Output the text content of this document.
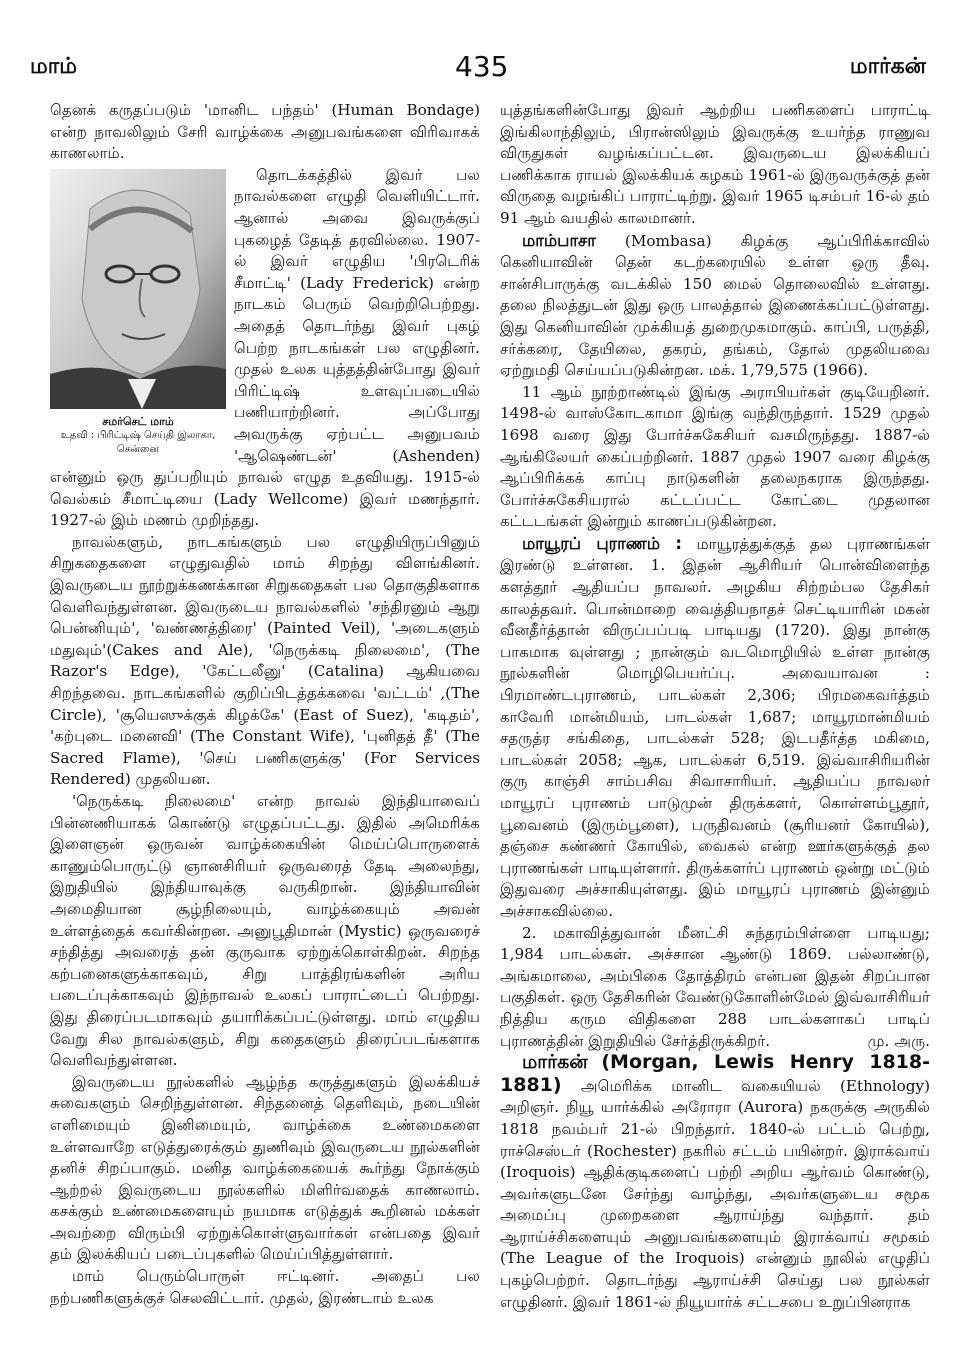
மாம்	435	மார்கன்

தெனக் கருதப்படும் 'மானிட பந்தம்' (Human Bondage) என்ற நாவலிலும் சேரி வாழ்க்கை அனுபவங்களை விரிவாகக் காணலாம்.

சமர்செட் மாம்
உதவி : பிரிட்டிஷ் செய்தி இலாகா, சென்னை

தொடக்கத்தில் இவர் பல நாவல்களை எழுதி வெளியிட்டார். ஆனால் அவை இவருக்குப் புகழைத் தேடித் தரவில்லை. 1907-ல் இவர் எழுதிய 'பிரடெரிக் சீமாட்டி' (Lady Frederick) என்ற நாடகம் பெரும் வெற்றிபெற்றது. அதைத் தொடர்ந்து இவர் புகழ் பெற்ற நாடகங்கள் பல எழுதினர். முதல் உலக யுத்தத்தின்போது இவர் பிரிட்டிஷ் உளவுப்படையில் பணியாற்றினர். அப்போது அவருக்கு ஏற்பட்ட அனுபவம் 'ஆஷெண்டன்' (Ashenden) என்னும் ஒரு துப்பறியும் நாவல் எழுத உதவியது. 1915-ல் வெல்கம் சீமாட்டியை (Lady Wellcome) இவர் மணந்தார். 1927-ல் இம் மணம் முறிந்தது.

நாவல்களும், நாடகங்களும் பல எழுதியிருப்பினும் சிறுகதைகளை எழுதுவதில் மாம் சிறந்து விளங்கினர். இவருடைய நூற்றுக்கணக்கான சிறுகதைகள் பல தொகுதிகளாக வெளிவந்துள்ளன. இவருடைய நாவல்களில் 'சந்திரனும் ஆறு பென்னியும்', 'வண்ணத்திரை' (Painted Veil), 'அடைகளும் மதுவும்'(Cakes and Ale), 'நெருக்கடி நிலைமை', (The Razor's Edge), 'கேட்டலீனு' (Catalina) ஆகியவை சிறந்தவை. நாடகங்களில் குறிப்பிடத்தக்கவை 'வட்டம்' ,(The Circle), 'சூயெஸுக்குக் கிழக்கே' (East of Suez), 'கடிதம்', 'கற்புடை மனைவி' (The Constant Wife), 'புனிதத் தீ' (The Sacred Flame), 'செய் பணிகளுக்கு' (For Services Rendered) முதலியன.

'நெருக்கடி நிலைமை' என்ற நாவல் இந்தியாவைப் பின்னணியாகக் கொண்டு எழுதப்பட்டது. இதில் அமெரிக்க இளைஞன் ஒருவன் வாழ்க்கையின் மெய்ப்பொருளைக் காணும்பொருட்டு ஞானசிரியர் ஒருவரைத் தேடி அலைந்து, இறுதியில் இந்தியாவுக்கு வருகிறான். இந்தியாவின் அமைதியான சூழ்நிலையும், வாழ்க்கையும் அவன் உள்ளத்தைக் கவர்கின்றன. அனுபூதிமான் (Mystic) ஒருவரைச் சந்தித்து அவரைத் தன் குருவாக ஏற்றுக்கொள்கிறன். சிறந்த கற்பனைகளுக்காகவும், சிறு பாத்திரங்களின் அரிய படைப்புக்காகவும் இந்நாவல் உலகப் பாராட்டைப் பெற்றது. இது திரைப்படமாகவும் தயாரிக்கப்பட்டுள்ளது. மாம் எழுதிய வேறு சில நாவல்களும், சிறு கதைகளும் திரைப்படங்களாக வெளிவந்துள்ளன.

இவருடைய நூல்களில் ஆழ்ந்த கருத்துகளும் இலக்கியச் சுவைகளும் செறிந்துள்ளன. சிந்தனைத் தெளிவும், நடையின் எளிமையும் இனிமையும், வாழ்க்கை உண்மைகளை உள்ளவாறே எடுத்துரைக்கும் துணிவும் இவருடைய நூல்களின் தனிச் சிறப்பாகும். மனித வாழ்க்கையைக் கூர்ந்து நோக்கும் ஆற்றல் இவருடைய நூல்களில் மிளிர்வதைக் காணலாம். கசக்கும் உண்மைகளையும் நயமாக எடுத்துக் கூறினல் மக்கள் அவற்றை விரும்பி ஏற்றுக்கொள்ளுவார்கள் என்பதை இவர் தம் இலக்கியப் படைப்புகளில் மெய்ப்பித்துள்ளார்.

மாம் பெரும்பொருள் ஈட்டினர். அதைப் பல நற்பணிகளுக்குச் செலவிட்டார். முதல், இரண்டாம் உலக

யுத்தங்களின்போது இவர் ஆற்றிய பணிகளைப் பாராட்டி இங்கிலாந்திலும், பிரான்ஸிலும் இவருக்கு உயர்ந்த ராணுவ விருதுகள் வழங்கப்பட்டன. இவருடைய இலக்கியப் பணிக்காக ராயல் இலக்கியக் கழகம் 1961-ல் இருவருக்குத் தன் விருதை வழங்கிப் பாராட்டிற்று. இவர் 1965 டிசம்பர் 16-ல் தம் 91 ஆம் வயதில் காலமானர்.

மாம்பாசா (Mombasa) கிழக்கு ஆப்பிரிக்காவில் கெனியாவின் தென் கடற்கரையில் உள்ள ஒரு தீவு. சான்சிபாருக்கு வடக்கில் 150 மைல் தொலைவில் உள்ளது. தலை நிலத்துடன் இது ஒரு பாலத்தால் இணைக்கப்பட்டுள்ளது. இது கெனியாவின் முக்கியத் துறைமுகமாகும். காப்பி, பருத்தி, சர்க்கரை, தேயிலை, தகரம், தங்கம், தோல் முதலியவை ஏற்றுமதி செய்யப்படுகின்றன. மக். 1,79,575 (1966).

11 ஆம் நூற்றாண்டில் இங்கு அராபியர்கள் குடியேறினர். 1498-ல் வாஸ்கோடகாமா இங்கு வந்திருந்தார். 1529 முதல் 1698 வரை இது போர்ச்சுகேசியர் வசமிருந்தது. 1887-ல் ஆங்கிலேயர் கைப்பற்றினர். 1887 முதல் 1907 வரை கிழக்கு ஆப்பிரிக்கக் காப்பு நாடுகளின் தலைநகராக இருந்தது. போர்ச்சுகேசியரால் கட்டப்பட்ட கோட்டை முதலான கட்டடங்கள் இன்றும் காணப்படுகின்றன.

மாயூரப் புராணம் : மாயூரத்துக்குத் தல புராணங்கள் இரண்டு உள்ளன. 1. இதன் ஆசிரியர் பொன்விளைந்த களத்தூர் ஆதியப்ப நாவலர். அழகிய சிற்றம்பல தேசிகர் காலத்தவர். பொன்மாறை வைத்தியநாதச் செட்டியாரின் மகன் வீனதீர்த்தான் விருப்பப்படி பாடியது (1720). இது நான்கு பாகமாக வுள்ளது ; நான்கும் வடமொழியில் உள்ள நான்கு நூல்களின் மொழிபெயர்ப்பு. அவையாவன : பிரமாண்டபுராணம், பாடல்கள் 2,306; பிரமகைவர்த்தம் காவேரி மான்மியம், பாடல்கள் 1,687; மாயூரமான்மியம் சதருத்ர சங்கிதை, பாடல்கள் 528; இடபதீர்த்த மகிமை, பாடல்கள் 2058; ஆக, பாடல்கள் 6,519. இவ்வாசிரியரின் குரு காஞ்சி சாம்பசிவ சிவாசாரியர். ஆதியப்ப நாவலர் மாயூரப் புராணம் பாடுமுன் திருக்களர், கொள்ளம்பூதூர், பூவைனம் (இரும்பூளை), பருதிவனம் (சூரியனர் கோயில்), தஞ்சை கண்ணர் கோயில், வைகல் என்ற ஊர்களுக்குத் தல புராணங்கள் பாடியுள்ளார். திருக்களர்ப் புராணம் ஒன்று மட்டும் இதுவரை அச்சாகியுள்ளது. இம் மாயூரப் புராணம் இன்னும் அச்சாகவில்லை.

2. மகாவித்துவான் மீனட்சி சுந்தரம்பிள்ளை பாடியது; 1,984 பாடல்கள். அச்சான ஆண்டு 1869. பல்லாண்டு, அங்கமாலை, அம்பிகை தோத்திரம் என்பன இதன் சிறப்பான பகுதிகள். ஒரு தேசிகரின் வேண்டுகோளின்மேல் இவ்வாசிரியர் நித்திய கரும விதிகளை 288 பாடல்களாகப் பாடிப் புராணத்தின் இறுதியில் சேர்த்திருக்கிறர்.	மு. அரு.

மார்கன் (Morgan, Lewis Henry 1818-1881) அமெரிக்க மானிட வகையியல் (Ethnology) அறிஞர். நியூ யார்க்கில் அரோரா (Aurora) நகருக்கு அருகில் 1818 நவம்பர் 21-ல் பிறந்தார். 1840-ல் பட்டம் பெற்று, ராச்செஸ்டர் (Rochester) நகரில் சட்டம் பயின்றர். இராக்வாய் (Iroquois) ஆதிக்குடிகளைப் பற்றி அறிய ஆர்வம் கொண்டு, அவர்களுடனே சேர்ந்து வாழ்ந்து, அவர்களுடைய சமூக அமைப்பு முறைகளை ஆராய்ந்து வந்தார். தம் ஆராய்ச்சிகளையும் அனுபவங்களையும் இராக்வாய் சமூகம் (The League of the Iroquois) என்னும் நூலில் எழுதிப் புகழ்பெற்றர். தொடர்ந்து ஆராய்ச்சி செய்து பல நூல்கள் எழுதினர். இவர் 1861-ல் நியூயார்க் சட்டசபை உறுப்பினராக
